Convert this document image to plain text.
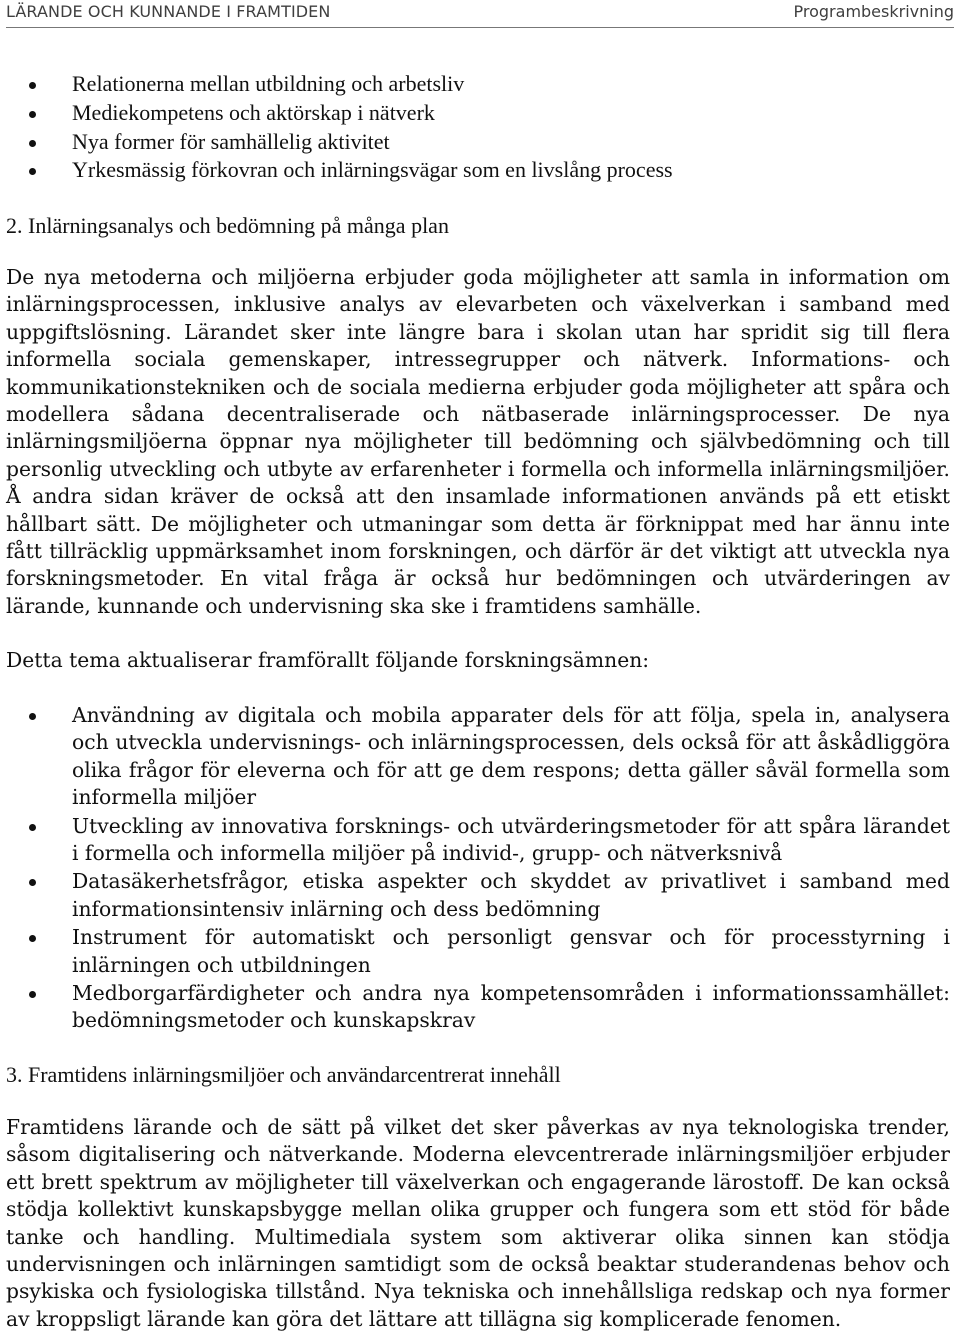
LÄRANDE OCH KUNNANDE I FRAMTIDEN	Programbeskrivning
Relationerna mellan utbildning och arbetsliv
Mediekompetens och aktörskap i nätverk
Nya former för samhällelig aktivitet
Yrkesmässig förkovran och inlärningsvägar som en livslång process
2. Inlärningsanalys och bedömning på många plan
De nya metoderna och miljöerna erbjuder goda möjligheter att samla in information om inlärningsprocessen, inklusive analys av elevarbeten och växelverkan i samband med uppgiftslösning. Lärandet sker inte längre bara i skolan utan har spridit sig till flera informella sociala gemenskaper, intressegrupper och nätverk. Informations- och kommunikationstekniken och de sociala medierna erbjuder goda möjligheter att spåra och modellera sådana decentraliserade och nätbaserade inlärningsprocesser. De nya inlärningsmiljöerna öppnar nya möjligheter till bedömning och självbedömning och till personlig utveckling och utbyte av erfarenheter i formella och informella inlärningsmiljöer. Å andra sidan kräver de också att den insamlade informationen används på ett etiskt hållbart sätt. De möjligheter och utmaningar som detta är förknippat med har ännu inte fått tillräcklig uppmärksamhet inom forskningen, och därför är det viktigt att utveckla nya forskningsmetoder. En vital fråga är också hur bedömningen och utvärderingen av lärande, kunnande och undervisning ska ske i framtidens samhälle.
Detta tema aktualiserar framförallt följande forskningsämnen:
Användning av digitala och mobila apparater dels för att följa, spela in, analysera och utveckla undervisnings- och inlärningsprocessen, dels också för att åskådliggöra olika frågor för eleverna och för att ge dem respons; detta gäller såväl formella som informella miljöer
Utveckling av innovativa forsknings- och utvärderingsmetoder för att spåra lärandet i formella och informella miljöer på individ-, grupp- och nätverksnivå
Datasäkerhetsfrågor, etiska aspekter och skyddet av privatlivet i samband med informationsintensiv inlärning och dess bedömning
Instrument för automatiskt och personligt gensvar och för processtyrning i inlärningen och utbildningen
Medborgarfärdigheter och andra nya kompetensområden i informationssamhället: bedömningsmetoder och kunskapskrav
3. Framtidens inlärningsmiljöer och användarcentrerat innehåll
Framtidens lärande och de sätt på vilket det sker påverkas av nya teknologiska trender, såsom digitalisering och nätverkande. Moderna elevcentrerade inlärningsmiljöer erbjuder ett brett spektrum av möjligheter till växelverkan och engagerande lärostoff. De kan också stödja kollektivt kunskapsbygge mellan olika grupper och fungera som ett stöd för både tanke och handling. Multimediala system som aktiverar olika sinnen kan stödja undervisningen och inlärningen samtidigt som de också beaktar studerandenas behov och psykiska och fysiologiska tillstånd. Nya tekniska och innehållsliga redskap och nya former av kroppsligt lärande kan göra det lättare att tillägna sig komplicerade fenomen.
